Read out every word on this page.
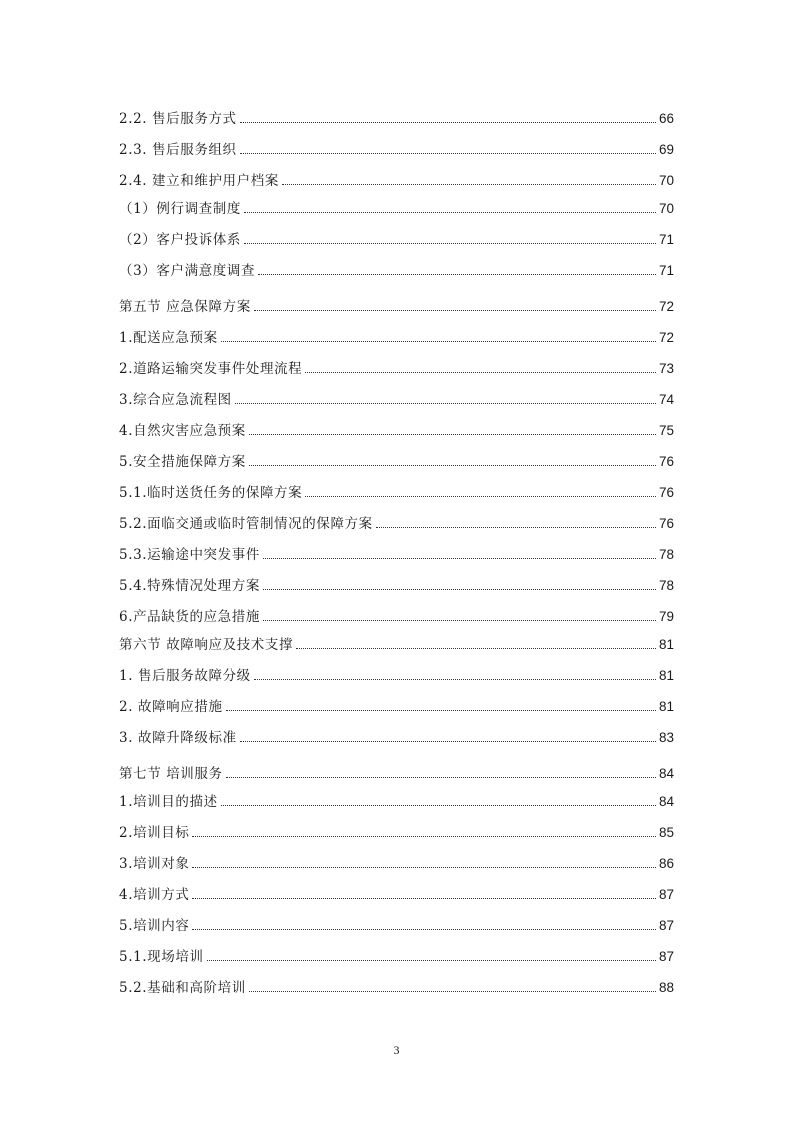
2.2. 售后服务方式	66
2.3. 售后服务组织	69
2.4. 建立和维护用户档案	70
（1）例行调查制度	70
（2）客户投诉体系	71
（3）客户满意度调查	71
第五节 应急保障方案	72
1.配送应急预案	72
2.道路运输突发事件处理流程	73
3.综合应急流程图	74
4.自然灾害应急预案	75
5.安全措施保障方案	76
5.1.临时送货任务的保障方案	76
5.2.面临交通或临时管制情况的保障方案	76
5.3.运输途中突发事件	78
5.4.特殊情况处理方案	78
6.产品缺货的应急措施	79
第六节 故障响应及技术支撑	81
1. 售后服务故障分级	81
2. 故障响应措施	81
3. 故障升降级标准	83
第七节 培训服务	84
1.培训目的描述	84
2.培训目标	85
3.培训对象	86
4.培训方式	87
5.培训内容	87
5.1.现场培训	87
5.2.基础和高阶培训	88
3
